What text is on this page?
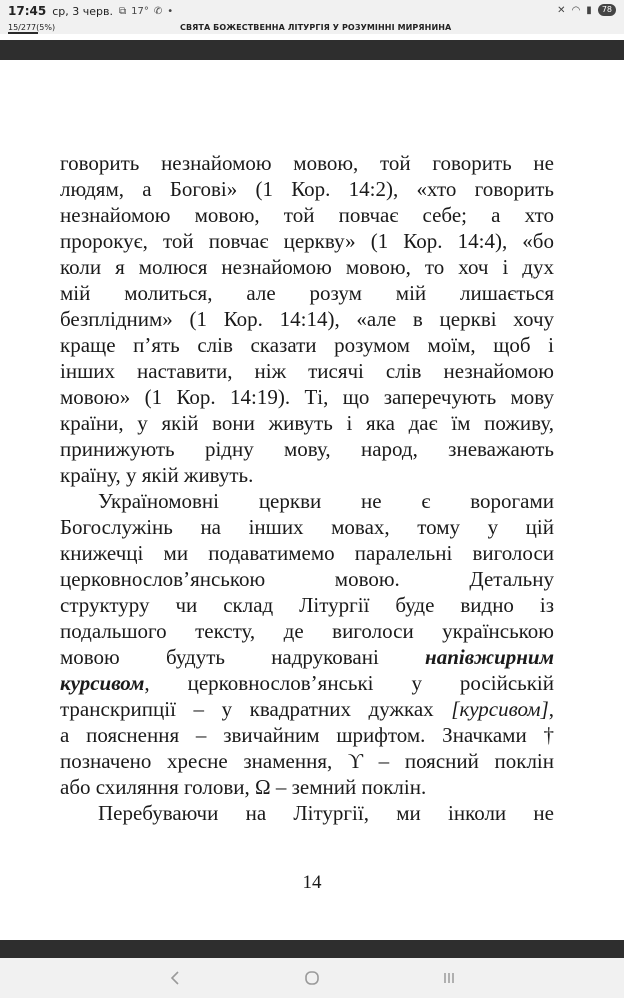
17:45 ср, 3 черв. ⧉ 17° ✆ •	✕ ◠ ▮	78
15/277(5%)	СВЯТА БОЖЕСТВЕННА ЛІТУРГІЯ У РОЗУМІННІ МИРЯНИНА

говорить незнайомою мовою, той говорить не

людям, а Богові» (1 Кор. 14:2), «хто говорить

незнайомою мовою, той повчає себе; а хто

пророкує, той повчає церкву» (1 Кор. 14:4), «бо

коли я молюся незнайомою мовою, то хоч і дух

мій молиться, але розум мій лишається

безплідним» (1 Кор. 14:14), «але в церкві хочу

краще п’ять слів сказати розумом моїм, щоб і

інших наставити, ніж тисячі слів незнайомою

мовою» (1 Кор. 14:19). Ті, що заперечують мову

країни, у якій вони живуть і яка дає їм поживу,

принижують рідну мову, народ, зневажають

країну, у якій живуть.

Україномовні церкви не є ворогами

Богослужінь на інших мовах, тому у цій

книжечці ми подаватимемо паралельні виголоси

церковнослов’янською мовою. Детальну

структуру чи склад Літургії буде видно із

подальшого тексту, де виголоси українською

мовою будуть надруковані напівжирним

курсивом, церковнослов’янські у російській

транскрипції – у квадратних дужках [курсивом],

а пояснення – звичайним шрифтом. Значками †

позначено хресне знамення, ϒ – поясний поклін

або схиляння голови, Ω – земний поклін.

Перебуваючи на Літургії, ми інколи не

14
